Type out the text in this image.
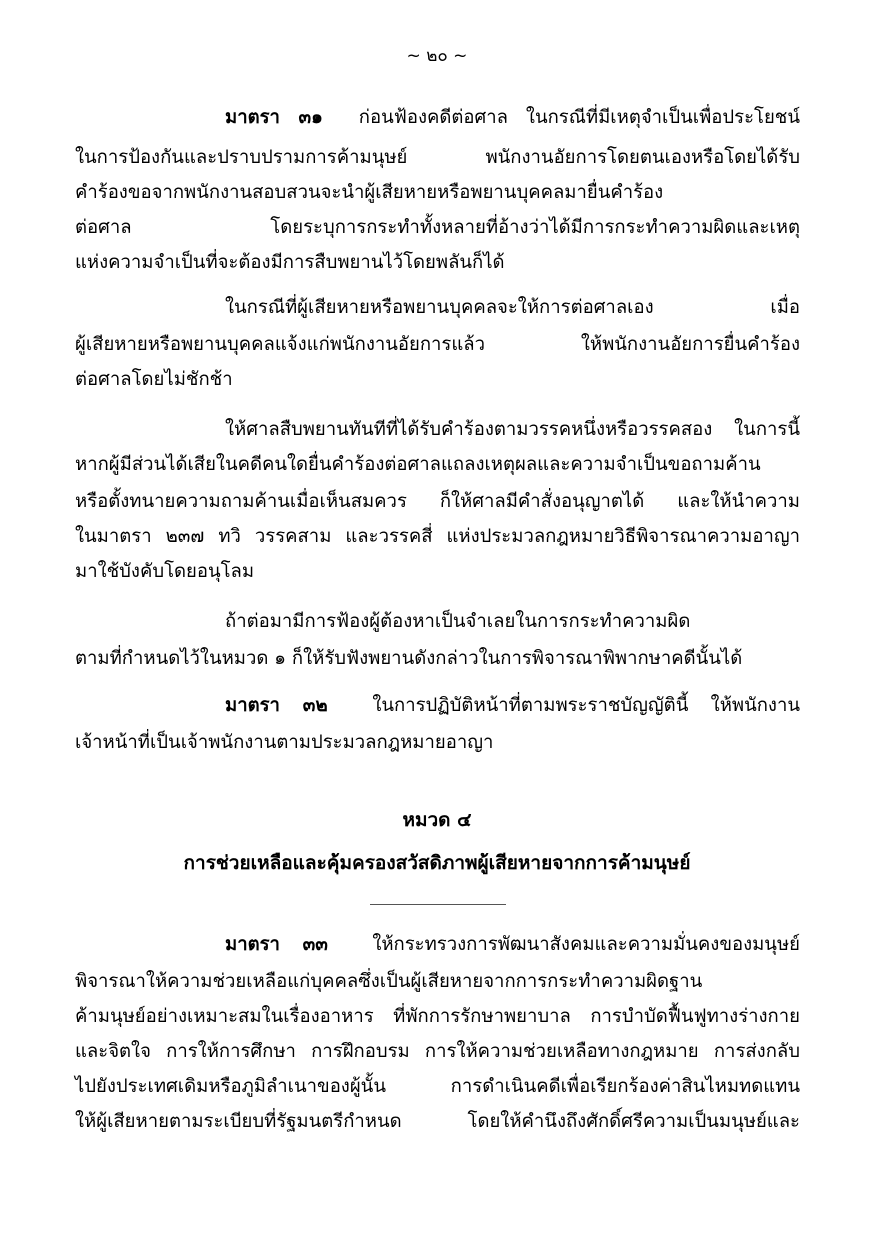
~ ๒๐ ~
มาตรา ๓๑ ก่อนฟ้องคดีต่อศาล ในกรณีที่มีเหตุจำเป็นเพื่อประโยชน์
ในการป้องกันและปราบปรามการค้ามนุษย์ พนักงานอัยการโดยตนเองหรือโดยได้รับ
คำร้องขอจากพนักงานสอบสวนจะนำผู้เสียหายหรือพยานบุคคลมายื่นคำร้อง
ต่อศาล โดยระบุการกระทำทั้งหลายที่อ้างว่าได้มีการกระทำความผิดและเหตุ
แห่งความจำเป็นที่จะต้องมีการสืบพยานไว้โดยพลันก็ได้
ในกรณีที่ผู้เสียหายหรือพยานบุคคลจะให้การต่อศาลเอง เมื่อ
ผู้เสียหายหรือพยานบุคคลแจ้งแก่พนักงานอัยการแล้ว ให้พนักงานอัยการยื่นคำร้อง
ต่อศาลโดยไม่ชักช้า
ให้ศาลสืบพยานทันทีที่ได้รับคำร้องตามวรรคหนึ่งหรือวรรคสอง ในการนี้
หากผู้มีส่วนได้เสียในคดีคนใดยื่นคำร้องต่อศาลแถลงเหตุผลและความจำเป็นขอถามค้าน
หรือตั้งทนายความถามค้านเมื่อเห็นสมควร ก็ให้ศาลมีคำสั่งอนุญาตได้ และให้นำความ
ในมาตรา ๒๓๗ ทวิ วรรคสาม และวรรคสี่ แห่งประมวลกฎหมายวิธีพิจารณาความอาญา
มาใช้บังคับโดยอนุโลม
ถ้าต่อมามีการฟ้องผู้ต้องหาเป็นจำเลยในการกระทำความผิด
ตามที่กำหนดไว้ในหมวด ๑ ก็ให้รับฟังพยานดังกล่าวในการพิจารณาพิพากษาคดีนั้นได้
มาตรา ๓๒ ในการปฏิบัติหน้าที่ตามพระราชบัญญัตินี้ ให้พนักงาน
เจ้าหน้าที่เป็นเจ้าพนักงานตามประมวลกฎหมายอาญา
หมวด ๔
การช่วยเหลือและคุ้มครองสวัสดิภาพผู้เสียหายจากการค้ามนุษย์
มาตรา ๓๓ ให้กระทรวงการพัฒนาสังคมและความมั่นคงของมนุษย์
พิจารณาให้ความช่วยเหลือแก่บุคคลซึ่งเป็นผู้เสียหายจากการกระทำความผิดฐาน
ค้ามนุษย์อย่างเหมาะสมในเรื่องอาหาร ที่พักการรักษาพยาบาล การบำบัดฟื้นฟูทางร่างกาย
และจิตใจ การให้การศึกษา การฝึกอบรม การให้ความช่วยเหลือทางกฎหมาย การส่งกลับ
ไปยังประเทศเดิมหรือภูมิลำเนาของผู้นั้น การดำเนินคดีเพื่อเรียกร้องค่าสินไหมทดแทน
ให้ผู้เสียหายตามระเบียบที่รัฐมนตรีกำหนด โดยให้คำนึงถึงศักดิ์ศรีความเป็นมนุษย์และ
